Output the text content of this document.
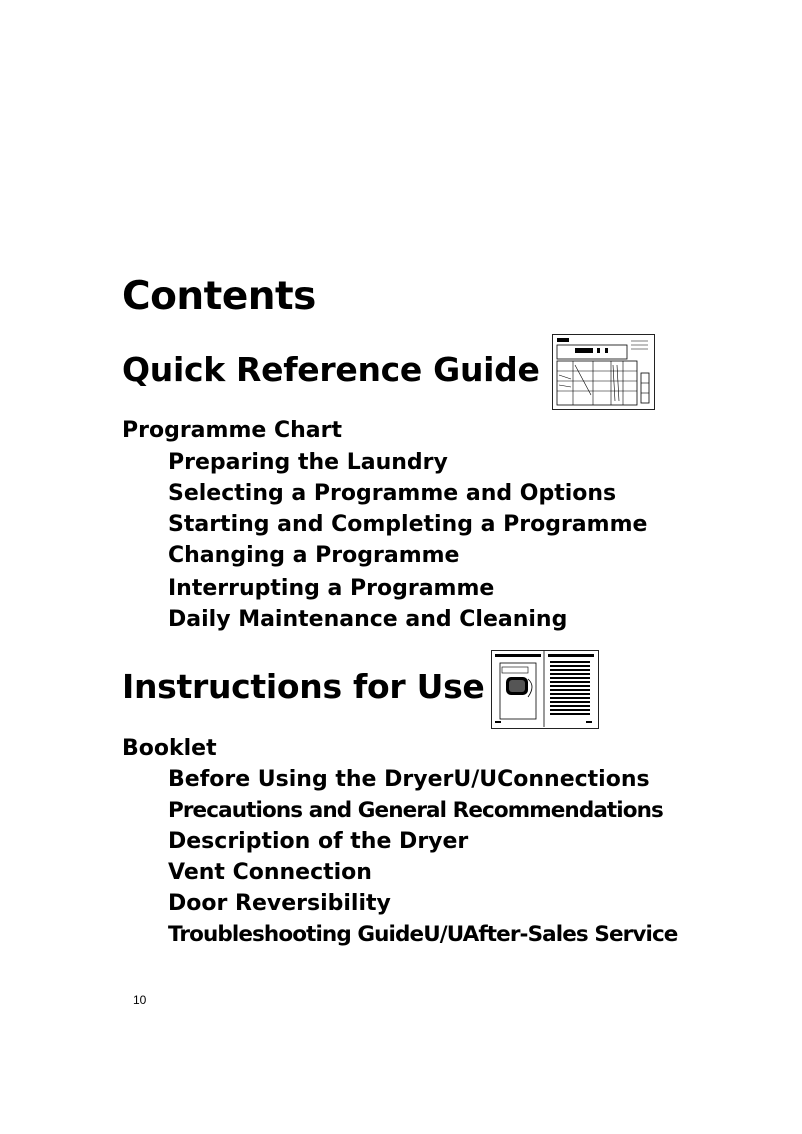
Contents
Quick Reference Guide
Programme Chart
Preparing the Laundry
Selecting a Programme and Options
Starting and Completing a Programme
Changing a Programme
Interrupting a Programme
Daily Maintenance and Cleaning
Instructions for Use
Booklet
Before Using the DryerU/UConnections
Precautions and General Recommendations
Description of the Dryer
Vent Connection
Door Reversibility
Troubleshooting GuideU/UAfter-Sales Service
10
